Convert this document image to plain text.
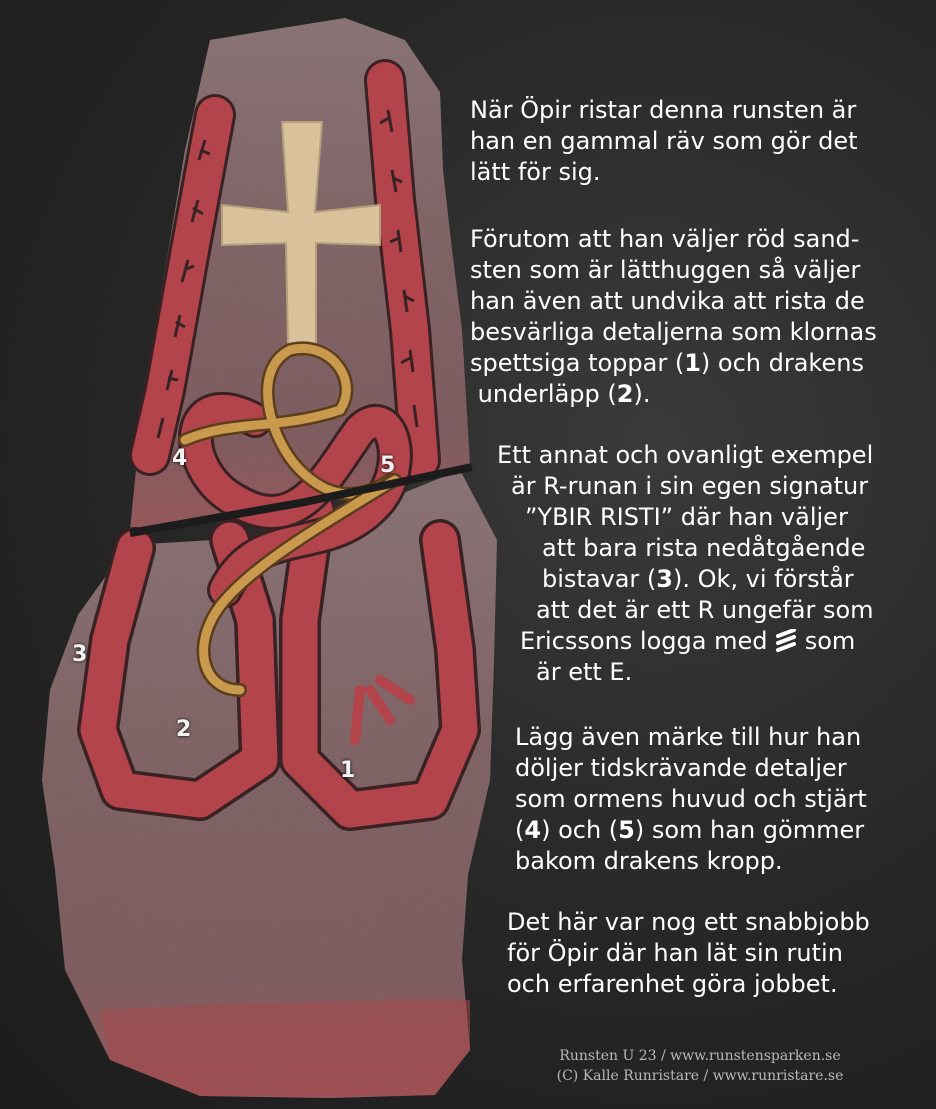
1
2
3
4	5
När Öpir ristar denna runsten är
han en gammal räv som gör det
lätt för sig.
Förutom att han väljer röd sand-
sten som är lätthuggen så väljer
han även att undvika att rista de
besvärliga detaljerna som klornas
spettsiga toppar (1) och drakens
underläpp (2).
Ett annat och ovanligt exempel
är R-runan i sin egen signatur
”YBIR RISTI” där han väljer
att bara rista nedåtgående
bistavar (3). Ok, vi förstår
att det är ett R ungefär som
Ericssons logga med  som
är ett E.
Lägg även märke till hur han
döljer tidskrävande detaljer
som ormens huvud och stjärt
(4) och (5) som han gömmer
bakom drakens kropp.
Det här var nog ett snabbjobb
för Öpir där han lät sin rutin
och erfarenhet göra jobbet.
Runsten U 23 / www.runstensparken.se
(C) Kalle Runristare / www.runristare.se
